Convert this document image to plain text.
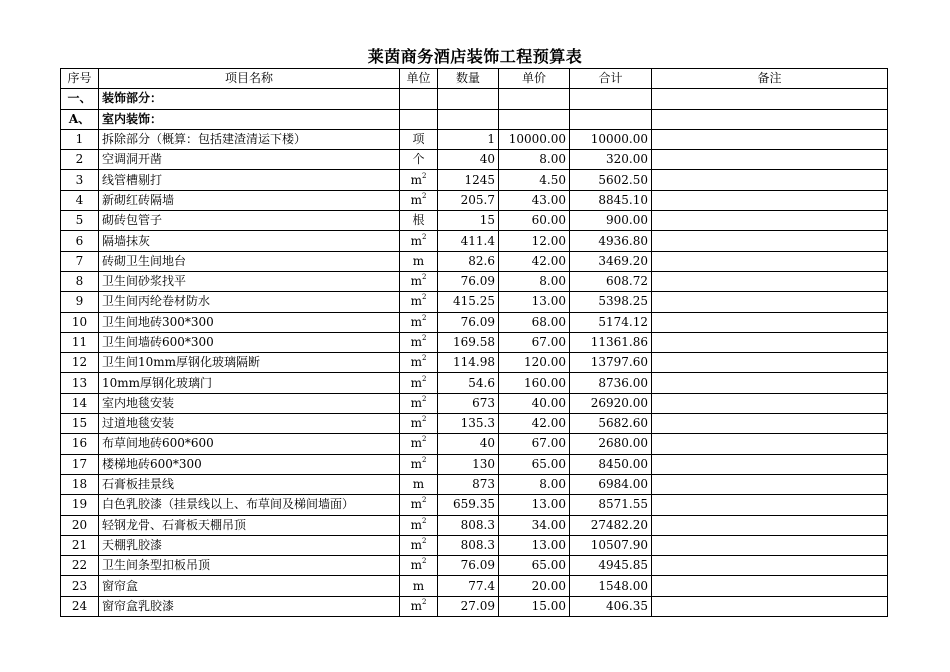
莱茵商务酒店装饰工程预算表
序号	项目名称	单位	数量	单价	合计	备注
一、	装饰部分：					
A、	室内装饰：					
1	拆除部分（概算：包括建渣清运下楼）	项	1	10000.00	10000.00	
2	空调洞开凿	个	40	8.00	320.00	
3	线管槽剔打	$m^2$	1245	4.50	5602.50	
4	新砌红砖隔墙	$m^2$	205.7	43.00	8845.10	
5	砌砖包管子	根	15	60.00	900.00	
6	隔墙抹灰	$m^2$	411.4	12.00	4936.80	
7	砖砌卫生间地台	m	82.6	42.00	3469.20	
8	卫生间砂浆找平	$m^2$	76.09	8.00	608.72	
9	卫生间丙纶卷材防水	$m^2$	415.25	13.00	5398.25	
10	卫生间地砖300*300	$m^2$	76.09	68.00	5174.12	
11	卫生间墙砖600*300	$m^2$	169.58	67.00	11361.86	
12	卫生间10mm厚钢化玻璃隔断	$m^2$	114.98	120.00	13797.60	
13	10mm厚钢化玻璃门	$m^2$	54.6	160.00	8736.00	
14	室内地毯安装	$m^2$	673	40.00	26920.00	
15	过道地毯安装	$m^2$	135.3	42.00	5682.60	
16	布草间地砖600*600	$m^2$	40	67.00	2680.00	
17	楼梯地砖600*300	$m^2$	130	65.00	8450.00	
18	石膏板挂景线	m	873	8.00	6984.00	
19	白色乳胶漆（挂景线以上、布草间及梯间墙面）	$m^2$	659.35	13.00	8571.55	
20	轻钢龙骨、石膏板天棚吊顶	$m^2$	808.3	34.00	27482.20	
21	天棚乳胶漆	$m^2$	808.3	13.00	10507.90	
22	卫生间条型扣板吊顶	$m^2$	76.09	65.00	4945.85	
23	窗帘盒	m	77.4	20.00	1548.00	
24	窗帘盒乳胶漆	$m^2$	27.09	15.00	406.35	
